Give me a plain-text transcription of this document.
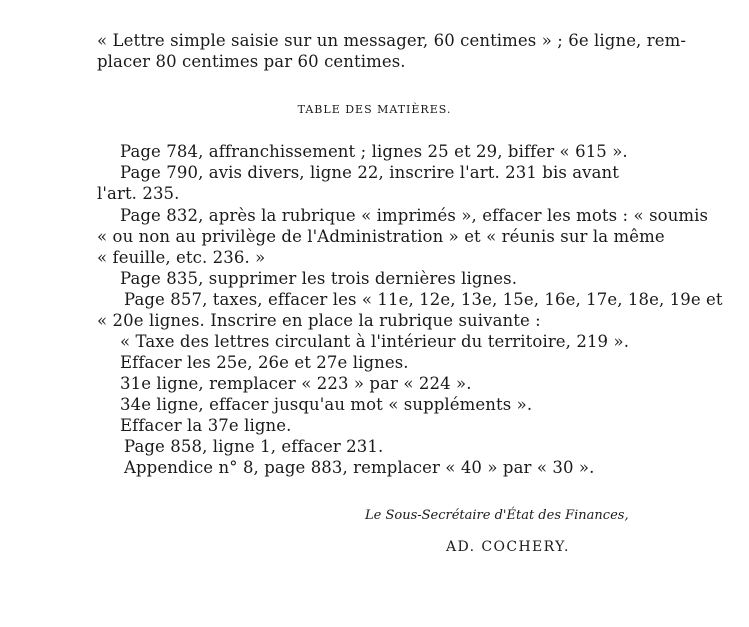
« Lettre simple saisie sur un messager, 60 centimes » ; 6e ligne, rem-
placer 80 centimes par 60 centimes.
TABLE DES MATIÈRES.
Page 784, affranchissement ; lignes 25 et 29, biffer « 615 ».
Page 790, avis divers, ligne 22, inscrire l'art. 231 bis avant
l'art. 235.
Page 832, après la rubrique « imprimés », effacer les mots : « soumis
« ou non au privilège de l'Administration » et « réunis sur la même
« feuille, etc. 236. »
Page 835, supprimer les trois dernières lignes.
Page 857, taxes, effacer les « 11e, 12e, 13e, 15e, 16e, 17e, 18e, 19e et
« 20e lignes. Inscrire en place la rubrique suivante :
« Taxe des lettres circulant à l'intérieur du territoire, 219 ».
Effacer les 25e, 26e et 27e lignes.
31e ligne, remplacer « 223 » par « 224 ».
34e ligne, effacer jusqu'au mot « suppléments ».
Effacer la 37e ligne.
Page 858, ligne 1, effacer 231.
Appendice n° 8, page 883, remplacer « 40 » par « 30 ».
Le Sous-Secrétaire d'État des Finances,
AD. COCHERY.
